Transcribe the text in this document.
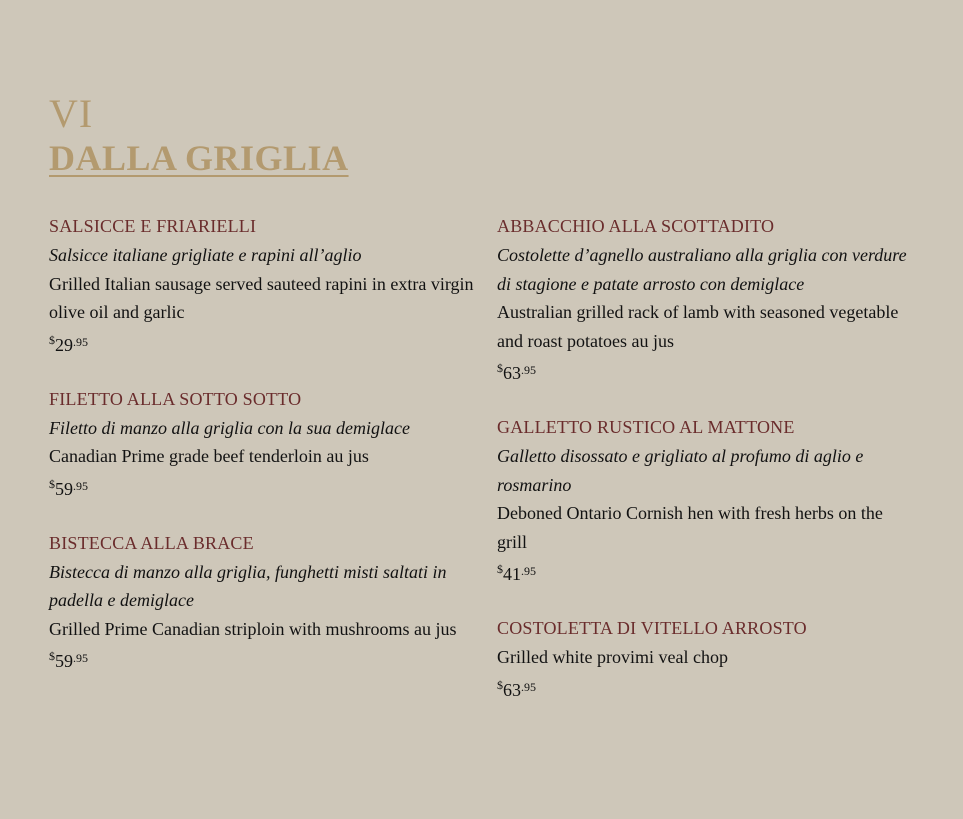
VI
DALLA GRIGLIA
SALSICCE E FRIARIELLI
Salsicce italiane grigliate e rapini all’aglio
Grilled Italian sausage served sauteed rapini in extra virgin olive oil and garlic
$^{\$}29^{.95}$
FILETTO ALLA SOTTO SOTTO
Filetto di manzo alla griglia con la sua demiglace
Canadian Prime grade beef tenderloin au jus
$^{\$}59^{.95}$
BISTECCA ALLA BRACE
Bistecca di manzo alla griglia, funghetti misti saltati in padella e demiglace
Grilled Prime Canadian striploin with mushrooms au jus
$^{\$}59^{.95}$
ABBACCHIO ALLA SCOTTADITO
Costolette d’agnello australiano alla griglia con verdure di stagione e patate arrosto con demiglace
Australian grilled rack of lamb with seasoned vegetable and roast potatoes au jus
$^{\$}63^{.95}$
GALLETTO RUSTICO AL MATTONE
Galletto disossato e grigliato al profumo di aglio e rosmarino
Deboned Ontario Cornish hen with fresh herbs on the grill
$^{\$}41^{.95}$
COSTOLETTA DI VITELLO ARROSTO
Grilled white provimi veal chop
$^{\$}63^{.95}$
